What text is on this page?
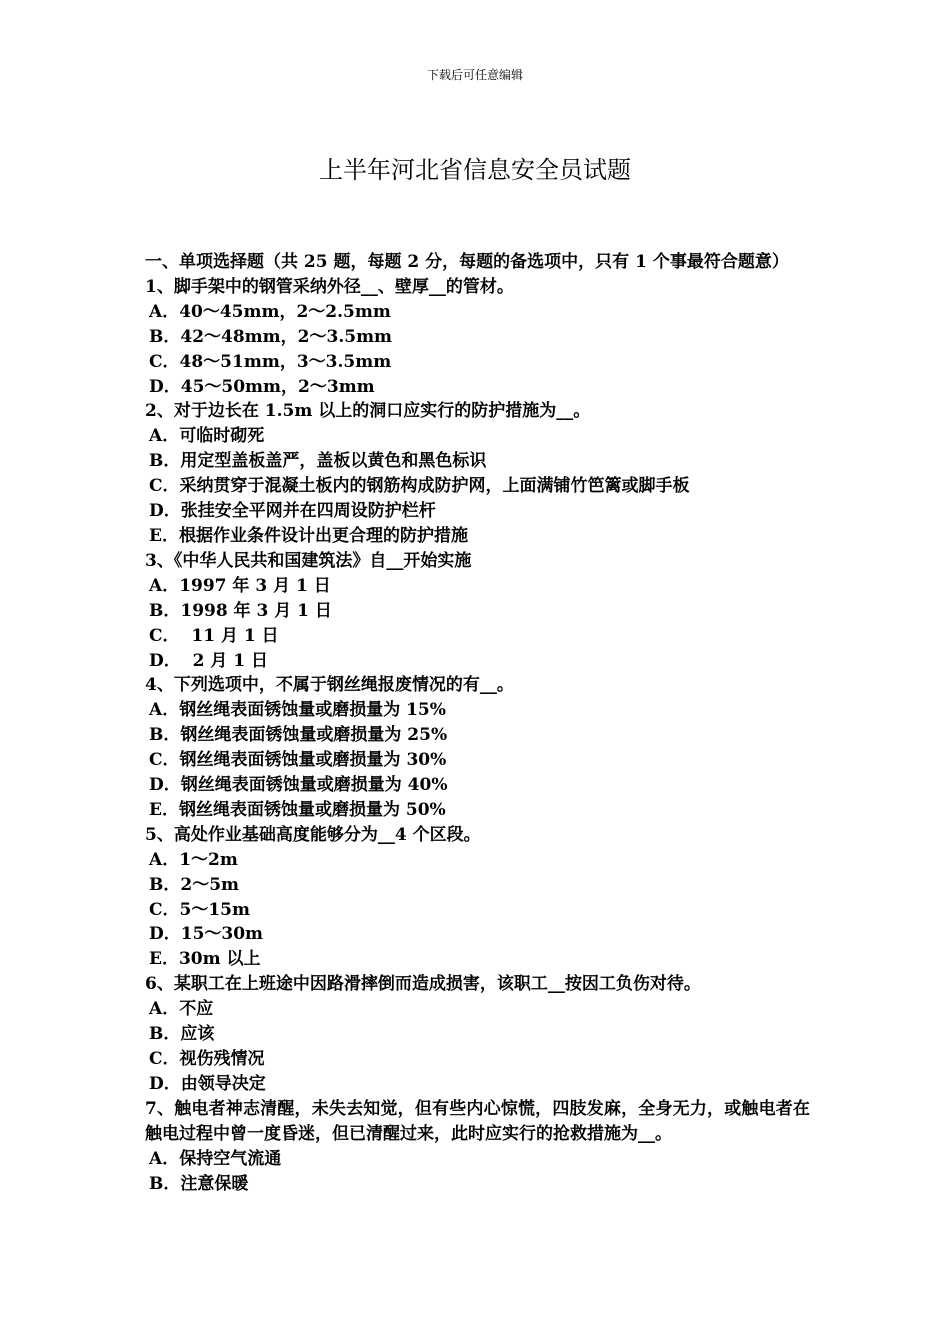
下载后可任意编辑
上半年河北省信息安全员试题

一、单项选择题（共 25 题，每题 2 分，每题的备选项中，只有 1 个事最符合题意）

1、脚手架中的钢管采纳外径__、壁厚__的管材。

A．40～45mm，2～2.5mm
B．42～48mm，2～3.5mm
C．48～51mm，3～3.5mm
D．45～50mm，2～3mm

2、对于边长在 1.5m 以上的洞口应实行的防护措施为__。

A．可临时砌死
B．用定型盖板盖严，盖板以黄色和黑色标识
C．采纳贯穿于混凝土板内的钢筋构成防护网，上面满铺竹笆篱或脚手板
D．张挂安全平网并在四周设防护栏杆
E．根据作业条件设计出更合理的防护措施

3、《中华人民共和国建筑法》自__开始实施

A．1997 年 3 月 1 日
B．1998 年 3 月 1 日
C．  11 月 1 日
D．  2 月 1 日

4、下列选项中，不属于钢丝绳报废情况的有__。

A．钢丝绳表面锈蚀量或磨损量为 15%
B．钢丝绳表面锈蚀量或磨损量为 25%
C．钢丝绳表面锈蚀量或磨损量为 30%
D．钢丝绳表面锈蚀量或磨损量为 40%
E．钢丝绳表面锈蚀量或磨损量为 50%

5、高处作业基础高度能够分为__4 个区段。

A．1～2m
B．2～5m
C．5～15m
D．15～30m
E．30m 以上

6、某职工在上班途中因路滑摔倒而造成损害，该职工__按因工负伤对待。

A．不应
B．应该
C．视伤残情况
D．由领导决定

7、触电者神志清醒，未失去知觉，但有些内心惊慌，四肢发麻，全身无力，或触电者在触电过程中曾一度昏迷，但已清醒过来，此时应实行的抢救措施为__。

A．保持空气流通
B．注意保暖
